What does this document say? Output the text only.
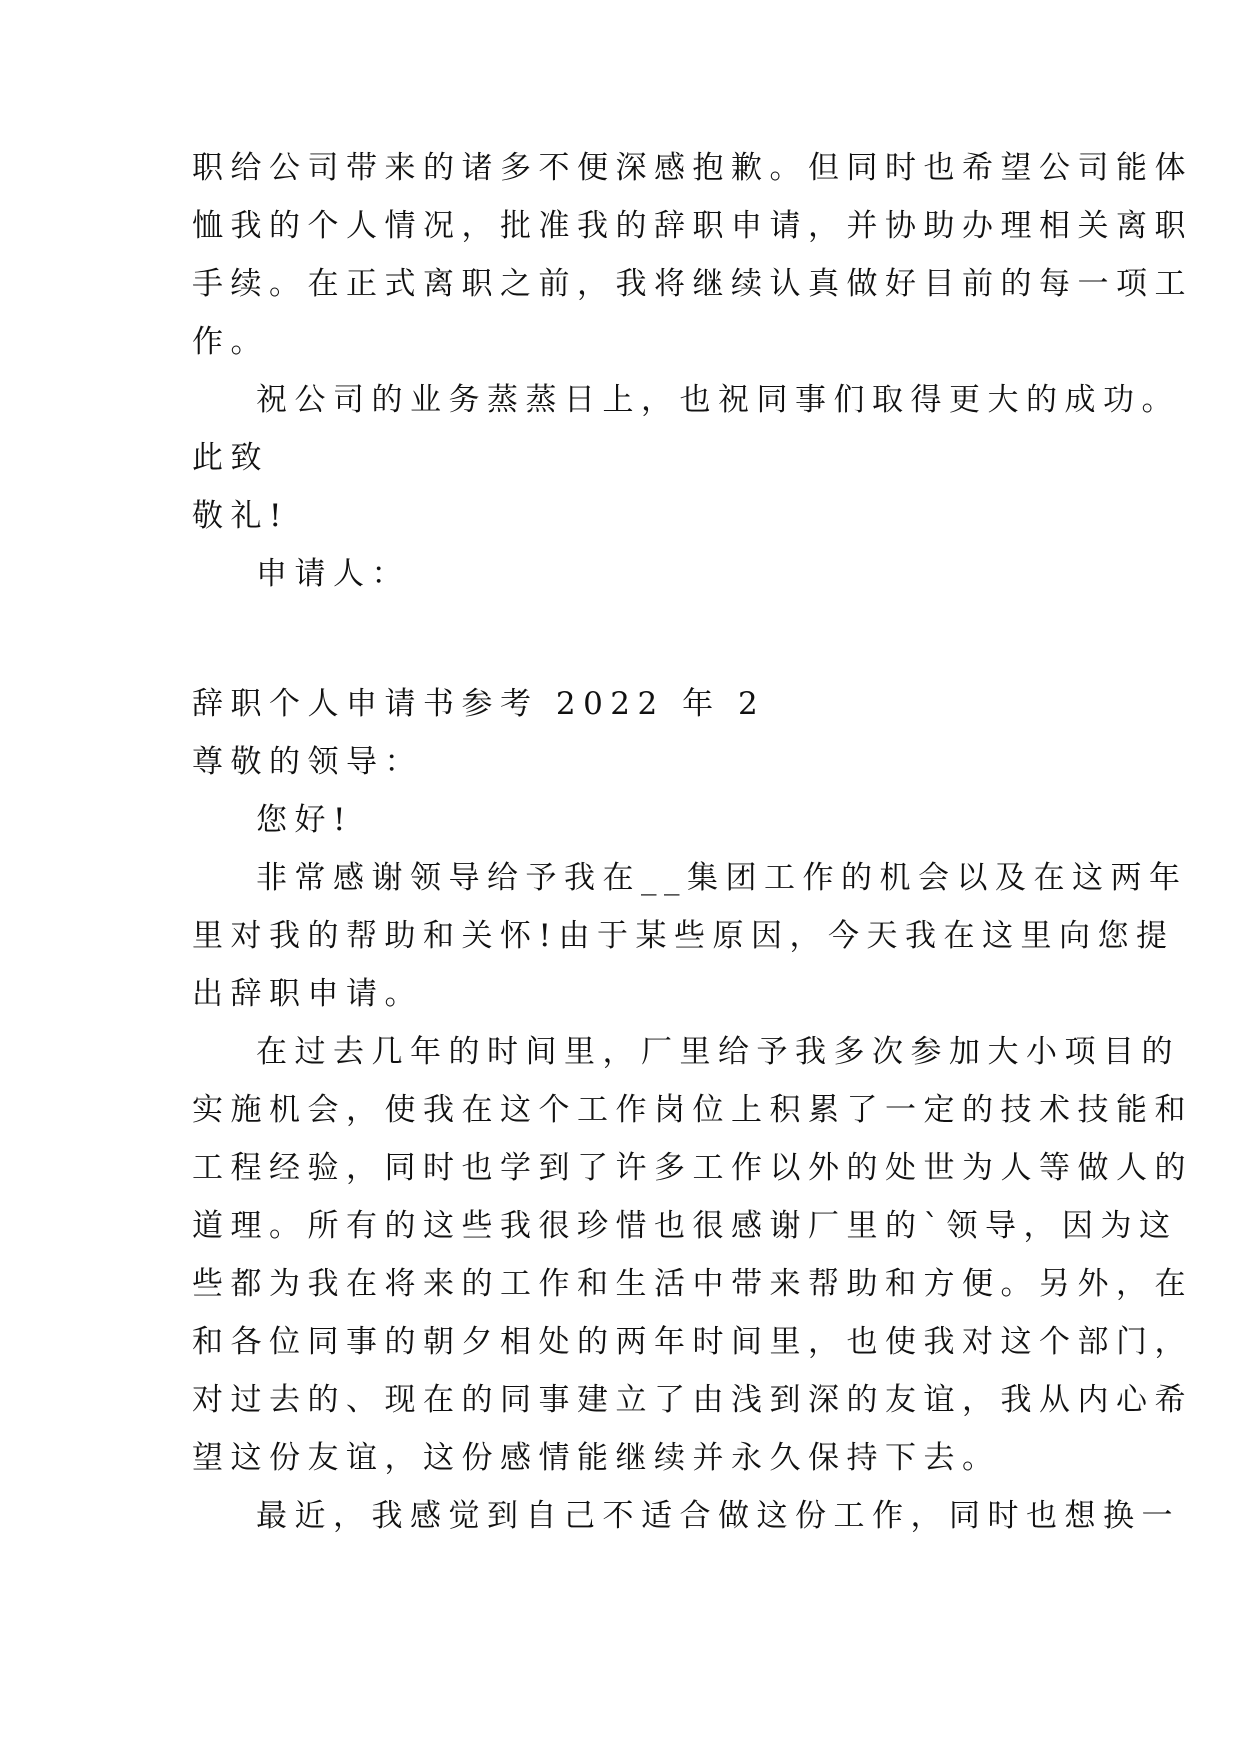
职给公司带来的诸多不便深感抱歉。但同时也希望公司能体
恤我的个人情况，批准我的辞职申请，并协助办理相关离职
手续。在正式离职之前，我将继续认真做好目前的每一项工
作。
祝公司的业务蒸蒸日上，也祝同事们取得更大的成功。
此致
敬礼!
申请人：
辞职个人申请书参考 2022 年 2
尊敬的领导：
您好!
非常感谢领导给予我在__集团工作的机会以及在这两年
里对我的帮助和关怀!由于某些原因，今天我在这里向您提
出辞职申请。
在过去几年的时间里，厂里给予我多次参加大小项目的
实施机会，使我在这个工作岗位上积累了一定的技术技能和
工程经验，同时也学到了许多工作以外的处世为人等做人的
道理。所有的这些我很珍惜也很感谢厂里的`领导，因为这
些都为我在将来的工作和生活中带来帮助和方便。另外，在
和各位同事的朝夕相处的两年时间里，也使我对这个部门，
对过去的、现在的同事建立了由浅到深的友谊，我从内心希
望这份友谊，这份感情能继续并永久保持下去。
最近，我感觉到自己不适合做这份工作，同时也想换一
